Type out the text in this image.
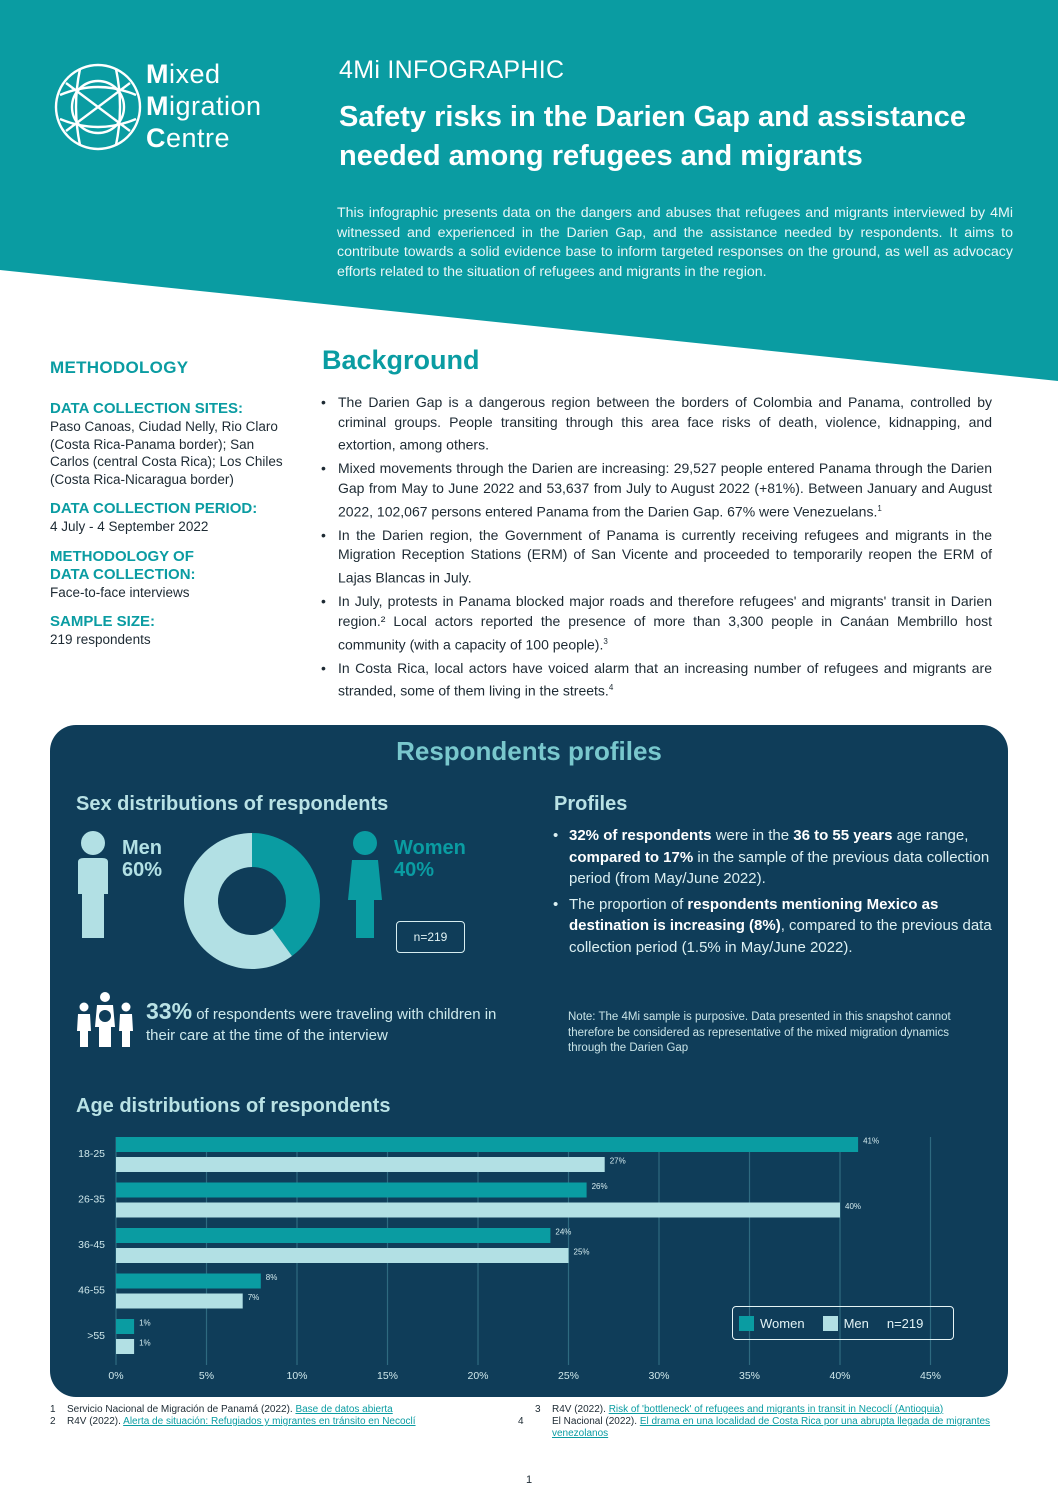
Mixed
Migration
Centre
4Mi INFOGRAPHIC
Safety risks in the Darien Gap and assistance needed among refugees and migrants
This infographic presents data on the dangers and abuses that refugees and migrants interviewed by 4Mi witnessed and experienced in the Darien Gap, and the assistance needed by respondents. It aims to contribute towards a solid evidence base to inform targeted responses on the ground, as well as advocacy efforts related to the situation of refugees and migrants in the region.
METHODOLOGY
DATA COLLECTION SITES:

Paso Canoas, Ciudad Nelly, Rio Claro (Costa Rica-Panama border); San Carlos (central Costa Rica); Los Chiles (Costa Rica-Nicaragua border)

DATA COLLECTION PERIOD:

4 July - 4 September 2022

METHODOLOGY OF
DATA COLLECTION:

Face-to-face interviews

SAMPLE SIZE:

219 respondents

Background
• The Darien Gap is a dangerous region between the borders of Colombia and Panama, controlled by criminal groups. People transiting through this area face risks of death, violence, kidnapping, and extortion, among others.
• Mixed movements through the Darien are increasing: 29,527 people entered Panama through the Darien Gap from May to June 2022 and 53,637 from July to August 2022 (+81%). Between January and August 2022, 102,067 persons entered Panama from the Darien Gap. 67% were Venezuelans.$^1$
• In the Darien region, the Government of Panama is currently receiving refugees and migrants in the Migration Reception Stations (ERM) of San Vicente and proceeded to temporarily reopen the ERM of Lajas Blancas in July.
• In July, protests in Panama blocked major roads and therefore refugees' and migrants' transit in Darien region.² Local actors reported the presence of more than 3,300 people in Canáan Membrillo host community (with a capacity of 100 people).$^3$
• In Costa Rica, local actors have voiced alarm that an increasing number of refugees and migrants are stranded, some of them living in the streets.$^4$
Respondents profiles
Sex distributions of respondents
Men
60%
Women
40%
n=219
33% of respondents were traveling with children in their care at the time of the interview
Profiles
• 32% of respondents were in the 36 to 55 years age range, compared to 17% in the sample of the previous data collection period (from May/June 2022).
• The proportion of respondents mentioning Mexico as destination is increasing (8%), compared to the previous data collection period (1.5% in May/June 2022).
Note: The 4Mi sample is purposive. Data presented in this snapshot cannot therefore be considered as representative of the mixed migration dynamics through the Darien Gap
Age distributions of respondents
0%	5%	10%	15%	20%	25%	30%	35%	40%	45%
18-25
41%
27%
26-35
26%
40%
36-45
24%
25%
46-55
8%
7%
>55
1%
1%
Women	Men n=219
1 Servicio Nacional de Migración de Panamá (2022). Base de datos abierta
2 R4V (2022). Alerta de situación: Refugiados y migrantes en tránsito en Necoclí
3 R4V (2022). Risk of 'bottleneck' of refugees and migrants in transit in Necoclí (Antioquia)
4	El Nacional (2022). El drama en una localidad de Costa Rica por una abrupta llegada de migrantes venezolanos
1
